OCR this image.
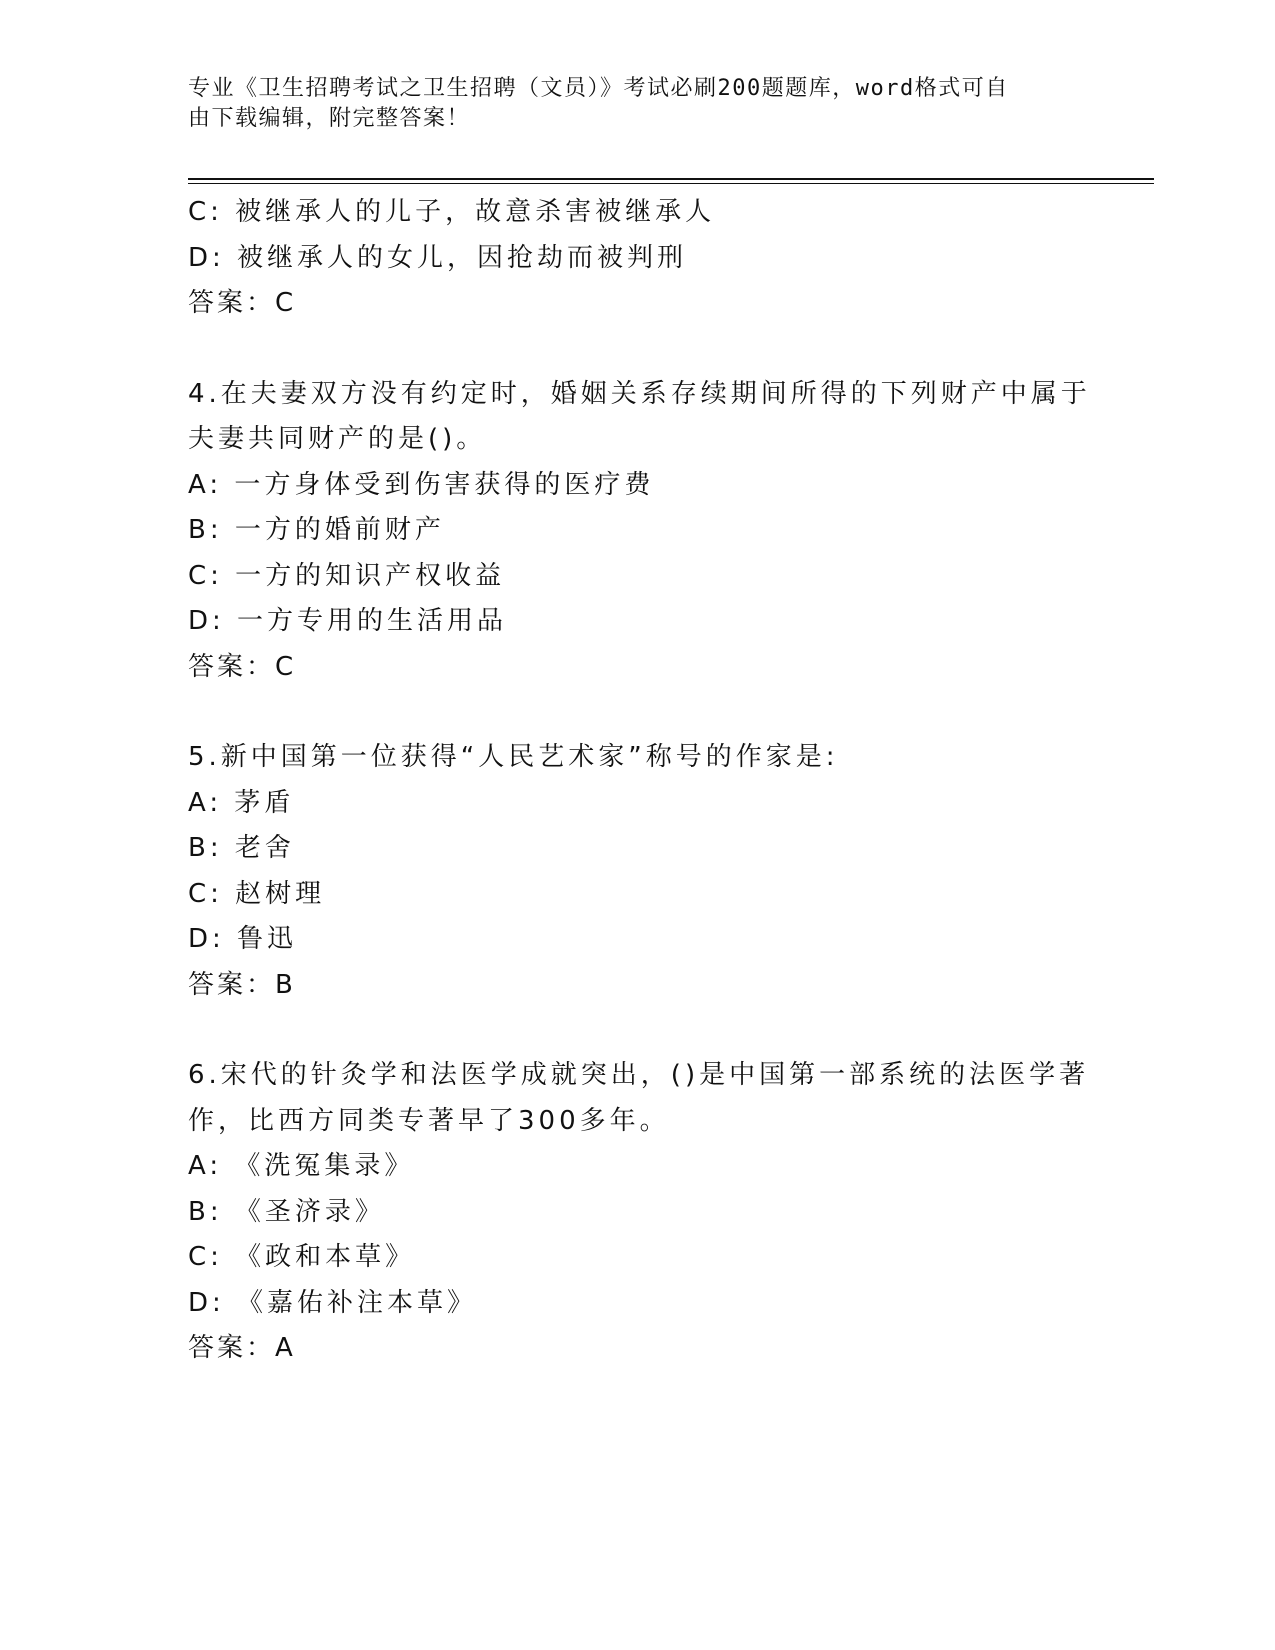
专业《卫生招聘考试之卫生招聘（文员）》考试必刷200题题库，word格式可自
由下载编辑，附完整答案！
C: 被继承人的儿子，故意杀害被继承人
D: 被继承人的女儿，因抢劫而被判刑
答案：C
4.在夫妻双方没有约定时，婚姻关系存续期间所得的下列财产中属于
夫妻共同财产的是()。
A: 一方身体受到伤害获得的医疗费
B: 一方的婚前财产
C: 一方的知识产权收益
D: 一方专用的生活用品
答案：C
5.新中国第一位获得“人民艺术家”称号的作家是:
A: 茅盾
B: 老舍
C: 赵树理
D: 鲁迅
答案：B
6.宋代的针灸学和法医学成就突出，()是中国第一部系统的法医学著
作，比西方同类专著早了300多年。
A: 《洗冤集录》
B: 《圣济录》
C: 《政和本草》
D: 《嘉佑补注本草》
答案：A
